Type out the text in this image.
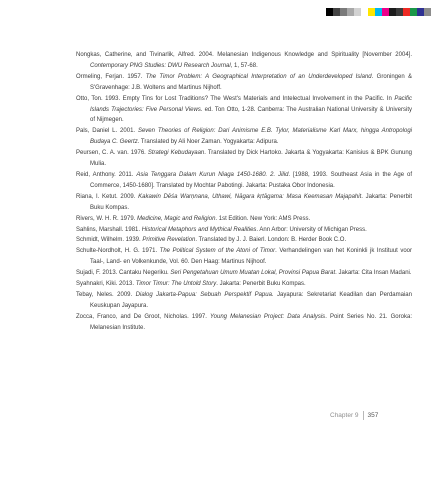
Nongkas, Catherine, and Tivinarlik, Alfred. 2004. Melanesian Indigenous Knowledge and Spirituality [November 2004]. Contemporary PNG Studies: DWU Research Journal, 1, 57-68.
Ormeling, Ferjan. 1957. The Timor Problem: A Geographical Interpretation of an Underdeveloped Island. Groningen & S'Gravenhage: J.B. Woltens and Martinus Nijhoff.
Otto, Ton. 1993. Empty Tins for Lost Traditions? The West's Materials and Intelectual Involvement in the Pacific. In Pacific Islands Trajectories: Five Personal Views. ed. Ton Otto, 1-28. Canberra: The Australian National University & University of Nijmegen.
Pals, Daniel L. 2001. Seven Theories of Religion: Dari Animisme E.B. Tylor, Materialisme Karl Marx, hingga Antropologi Budaya C. Geertz. Translated by Ali Noer Zaman. Yogyakarta: Adipura.
Peursen, C. A. van. 1976. Strategi Kebudayaan. Translated by Dick Hartoko. Jakarta & Yogyakarta: Kanisius & BPK Gunung Mulia.
Reid, Anthony. 2011. Asia Tenggara Dalam Kurun Niaga 1450-1680. 2. Jilid. [1988, 1993. Southeast Asia in the Age of Commerce, 1450-1680]. Translated by Mochtar Pabotingi. Jakarta: Pustaka Obor Indonesia.
Riana, I. Ketut. 2009. Kakawin Dēśa Warṇnana, Uthawi, Nāgara kṛtāgama: Masa Keemasan Majapahit. Jakarta: Penerbit Buku Kompas.
Rivers, W. H. R. 1979. Medicine, Magic and Religion. 1st Edition. New York: AMS Press.
Sahlins, Marshall. 1981. Historical Metaphors and Mythical Realities. Ann Arbor: University of Michigan Press.
Schmidt, Wilhelm. 1939. Primitive Revelation. Translated by J. J. Baierl. London: B. Herder Book C.O.
Schulte-Nordholt, H. G. 1971. The Political System of the Atoni of Timor. Verhandelingen van het Koninkli jk Instituut voor Taal-, Land- en Volkenkunde, Vol. 60. Den Haag: Martinus Nijhoof.
Sujadi, F. 2013. Cantaku Negeriku. Seri Pengetahuan Umum Muatan Lokal, Provinsi Papua Barat. Jakarta: Cita Insan Madani.
Syahnakri, Kiki. 2013. Timor Timur: The Untold Story. Jakarta: Penerbit Buku Kompas.
Tebay, Neles. 2009. Dialog Jakarta-Papua: Sebuah Perspektif Papua. Jayapura: Sekretariat Keadilan dan Perdamaian Keuskupan Jayapura.
Zocca, Franco, and De Groot, Nicholas. 1997. Young Melanesian Project: Data Analysis. Point Series No. 21. Goroka: Melanesian Institute.
Chapter 9 357
